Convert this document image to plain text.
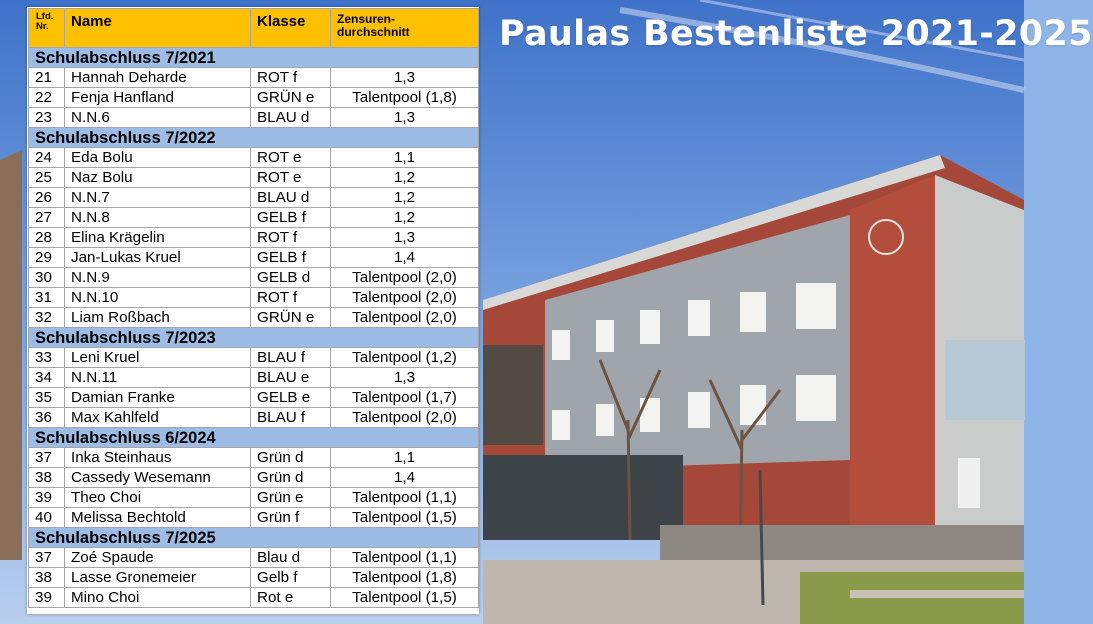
Paulas Bestenliste 2021-2025
Lfd.
Nr.	Name	Klasse	Zensuren-
durchschnitt
Schulabschluss 7/2021			
21	Hannah Deharde	ROT f	1,3
22	Fenja Hanfland	GRÜN e	Talentpool (1,8)
23	N.N.6	BLAU d	1,3
Schulabschluss 7/2022			
24	Eda Bolu	ROT e	1,1
25	Naz Bolu	ROT e	1,2
26	N.N.7	BLAU d	1,2
27	N.N.8	GELB f	1,2
28	Elina Krägelin	ROT f	1,3
29	Jan-Lukas Kruel	GELB f	1,4
30	N.N.9	GELB d	Talentpool (2,0)
31	N.N.10	ROT f	Talentpool (2,0)
32	Liam Roßbach	GRÜN e	Talentpool (2,0)
Schulabschluss 7/2023			
33	Leni Kruel	BLAU f	Talentpool (1,2)
34	N.N.11	BLAU e	1,3
35	Damian Franke	GELB e	Talentpool (1,7)
36	Max Kahlfeld	BLAU f	Talentpool (2,0)
Schulabschluss 6/2024			
37	Inka Steinhaus	Grün d	1,1
38	Cassedy Wesemann	Grün d	1,4
39	Theo Choi	Grün e	Talentpool (1,1)
40	Melissa Bechtold	Grün f	Talentpool (1,5)
Schulabschluss 7/2025			
37	Zoé Spaude	Blau d	Talentpool (1,1)
38	Lasse Gronemeier	Gelb f	Talentpool (1,8)
39	Mino Choi	Rot e	Talentpool (1,5)
